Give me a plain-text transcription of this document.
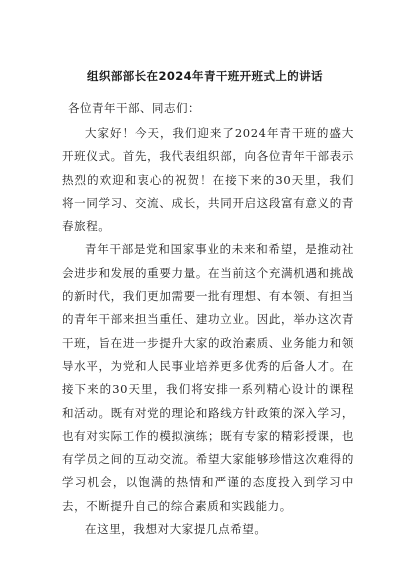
组织部部长在2024年青干班开班式上的讲话
各位青年干部、同志们：

大家好！今天，我们迎来了2024年青干班的盛大开班仪式。首先，我代表组织部，向各位青年干部表示热烈的欢迎和衷心的祝贺！在接下来的30天里，我们将一同学习、交流、成长，共同开启这段富有意义的青春旅程。

青年干部是党和国家事业的未来和希望，是推动社会进步和发展的重要力量。在当前这个充满机遇和挑战的新时代，我们更加需要一批有理想、有本领、有担当的青年干部来担当重任、建功立业。因此，举办这次青干班，旨在进一步提升大家的政治素质、业务能力和领导水平，为党和人民事业培养更多优秀的后备人才。在接下来的30天里，我们将安排一系列精心设计的课程和活动。既有对党的理论和路线方针政策的深入学习，也有对实际工作的模拟演练；既有专家的精彩授课，也有学员之间的互动交流。希望大家能够珍惜这次难得的学习机会，以饱满的热情和严谨的态度投入到学习中去，不断提升自己的综合素质和实践能力。

在这里，我想对大家提几点希望。
